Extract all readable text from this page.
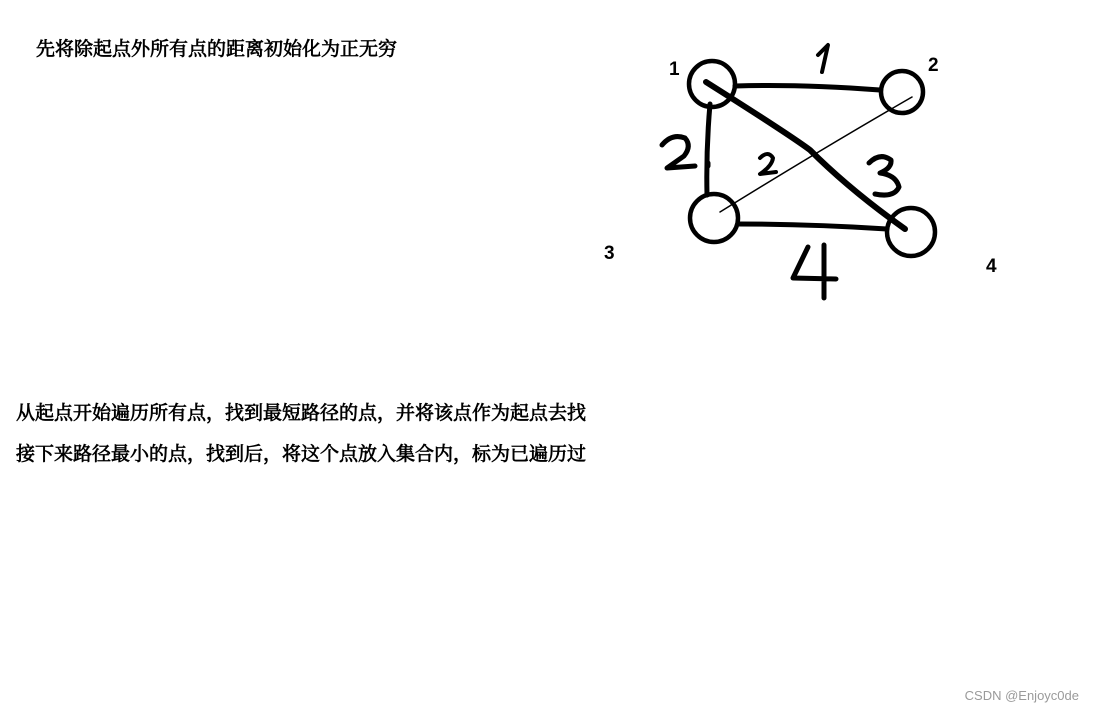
先将除起点外所有点的距离初始化为正无穷
1	2
3
4
从起点开始遍历所有点，找到最短路径的点，并将该点作为起点去找
接下来路径最小的点，找到后，将这个点放入集合内，标为已遍历过
CSDN @Enjoyc0de
